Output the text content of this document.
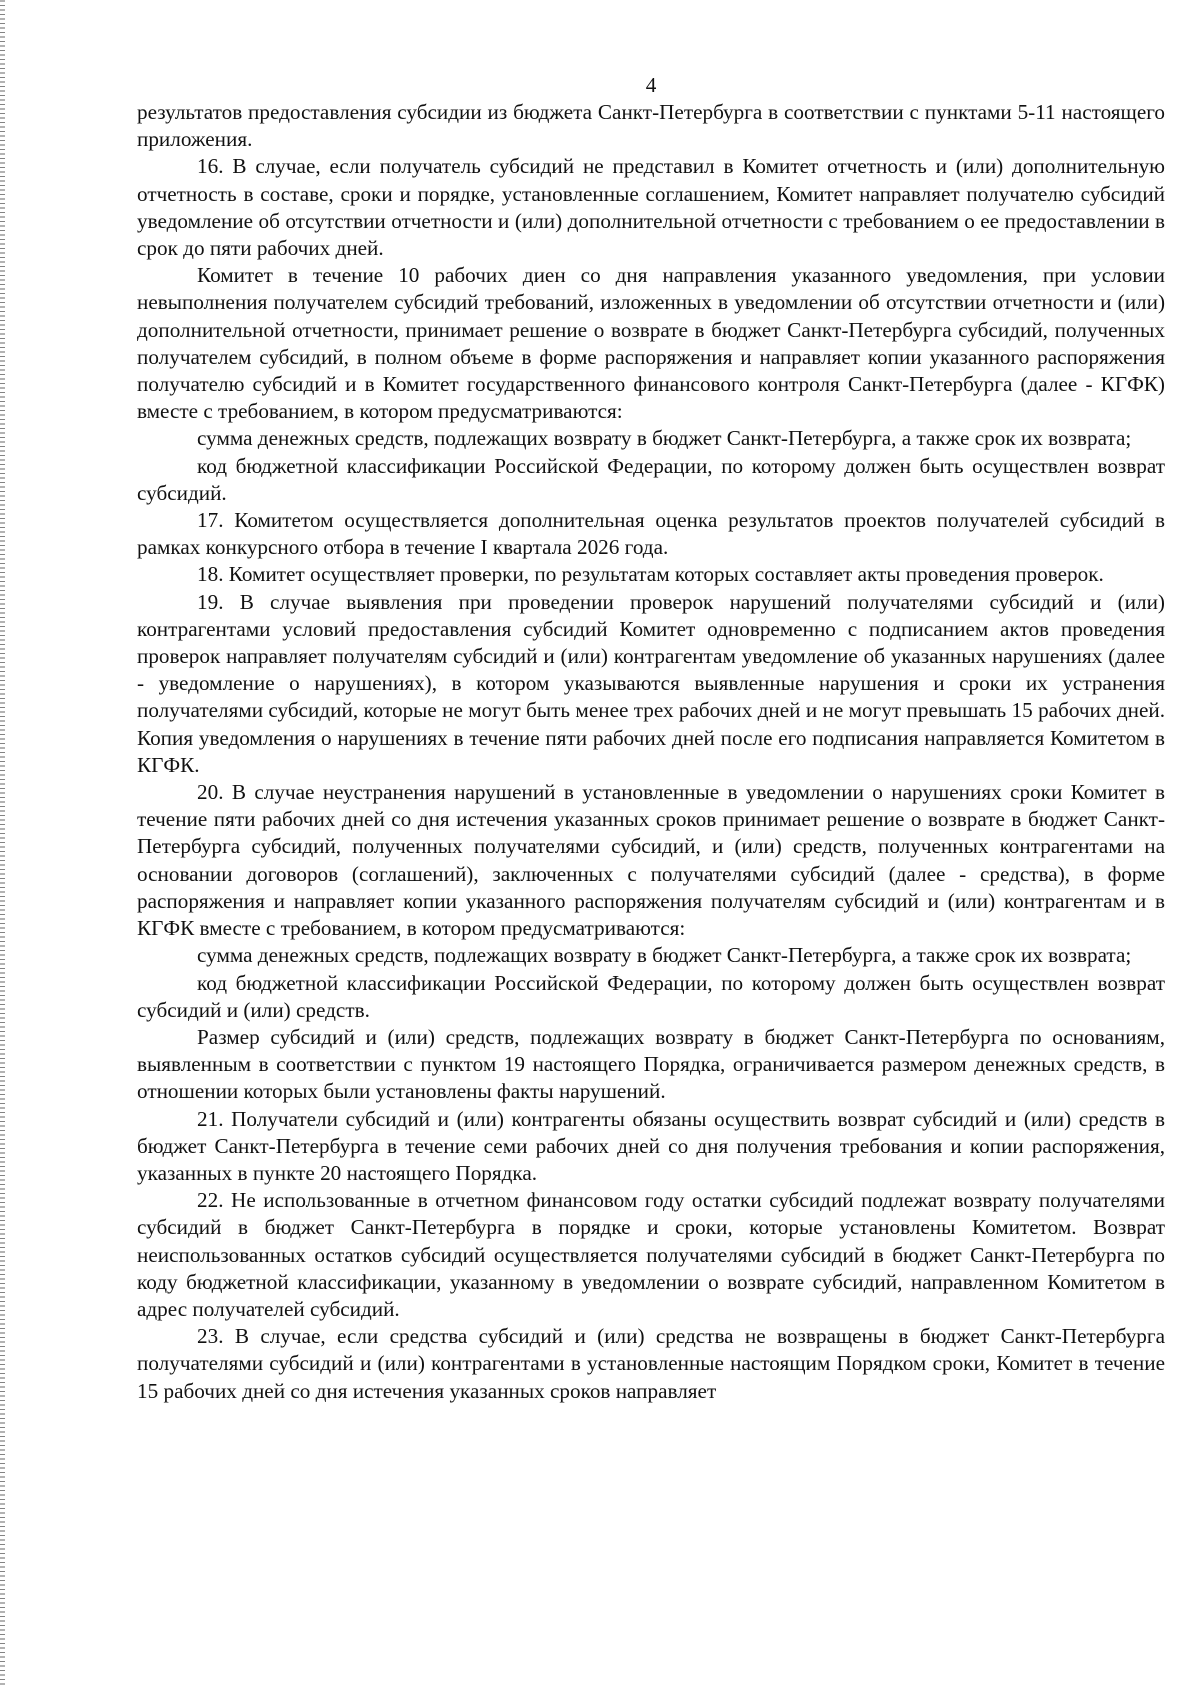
4

результатов предоставления субсидии из бюджета Санкт-Петербурга в соответствии с пунктами 5-11 настоящего приложения.

16. В случае, если получатель субсидий не представил в Комитет отчетность и (или) дополнительную отчетность в составе, сроки и порядке, установленные соглашением, Комитет направляет получателю субсидий уведомление об отсутствии отчетности и (или) дополнительной отчетности с требованием о ее предоставлении в срок до пяти рабочих дней.

Комитет в течение 10 рабочих диен со дня направления указанного уведомления, при условии невыполнения получателем субсидий требований, изложенных в уведомлении об отсутствии отчетности и (или) дополнительной отчетности, принимает решение о возврате в бюджет Санкт-Петербурга субсидий, полученных получателем субсидий, в полном объеме в форме распоряжения и направляет копии указанного распоряжения получателю субсидий и в Комитет государственного финансового контроля Санкт-Петербурга (далее - КГФК) вместе с требованием, в котором предусматриваются:

сумма денежных средств, подлежащих возврату в бюджет Санкт-Петербурга, а также срок их возврата;

код бюджетной классификации Российской Федерации, по которому должен быть осуществлен возврат субсидий.

17. Комитетом осуществляется дополнительная оценка результатов проектов получателей субсидий в рамках конкурсного отбора в течение I квартала 2026 года.

18. Комитет осуществляет проверки, по результатам которых составляет акты проведения проверок.

19. В случае выявления при проведении проверок нарушений получателями субсидий и (или) контрагентами условий предоставления субсидий Комитет одновременно с подписанием актов проведения проверок направляет получателям субсидий и (или) контрагентам уведомление об указанных нарушениях (далее - уведомление о нарушениях), в котором указываются выявленные нарушения и сроки их устранения получателями субсидий, которые не могут быть менее трех рабочих дней и не могут превышать 15 рабочих дней. Копия уведомления о нарушениях в течение пяти рабочих дней после его подписания направляется Комитетом в КГФК.

20. В случае неустранения нарушений в установленные в уведомлении о нарушениях сроки Комитет в течение пяти рабочих дней со дня истечения указанных сроков принимает решение о возврате в бюджет Санкт-Петербурга субсидий, полученных получателями субсидий, и (или) средств, полученных контрагентами на основании договоров (соглашений), заключенных с получателями субсидий (далее - средства), в форме распоряжения и направляет копии указанного распоряжения получателям субсидий и (или) контрагентам и в КГФК вместе с требованием, в котором предусматриваются:

сумма денежных средств, подлежащих возврату в бюджет Санкт-Петербурга, а также срок их возврата;

код бюджетной классификации Российской Федерации, по которому должен быть осуществлен возврат субсидий и (или) средств.

Размер субсидий и (или) средств, подлежащих возврату в бюджет Санкт-Петербурга по основаниям, выявленным в соответствии с пунктом 19 настоящего Порядка, ограничивается размером денежных средств, в отношении которых были установлены факты нарушений.

21. Получатели субсидий и (или) контрагенты обязаны осуществить возврат субсидий и (или) средств в бюджет Санкт-Петербурга в течение семи рабочих дней со дня получения требования и копии распоряжения, указанных в пункте 20 настоящего Порядка.

22. Не использованные в отчетном финансовом году остатки субсидий подлежат возврату получателями субсидий в бюджет Санкт-Петербурга в порядке и сроки, которые установлены Комитетом. Возврат неиспользованных остатков субсидий осуществляется получателями субсидий в бюджет Санкт-Петербурга по коду бюджетной классификации, указанному в уведомлении о возврате субсидий, направленном Комитетом в адрес получателей субсидий.

23. В случае, если средства субсидий и (или) средства не возвращены в бюджет Санкт-Петербурга получателями субсидий и (или) контрагентами в установленные настоящим Порядком сроки, Комитет в течение 15 рабочих дней со дня истечения указанных сроков направляет
